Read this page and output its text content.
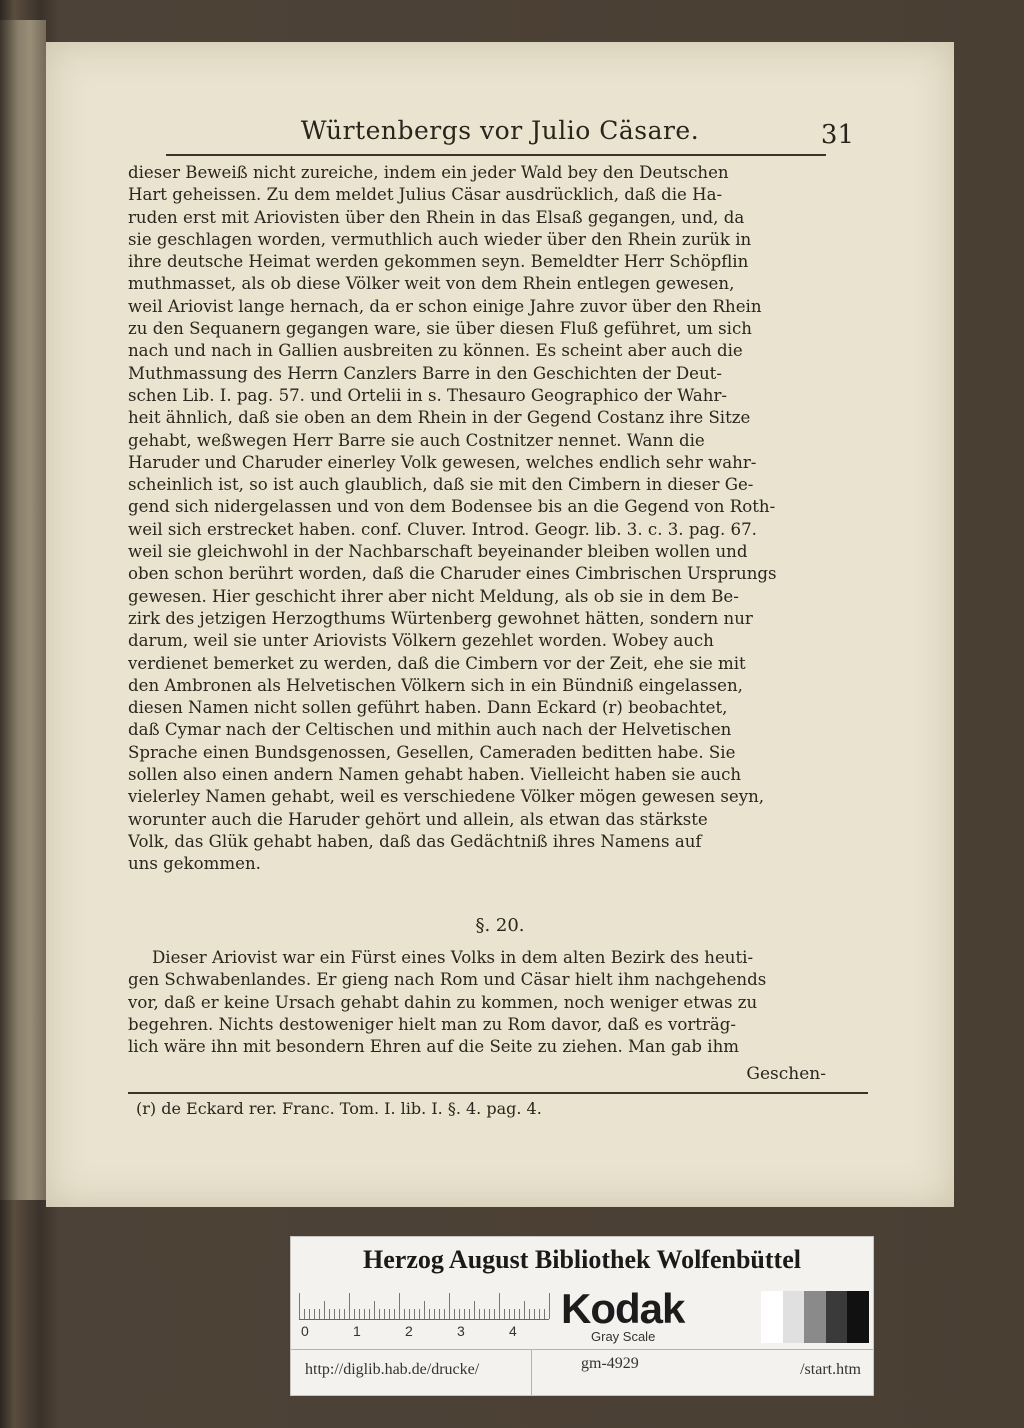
Würtenbergs vor Julio Cäsare.	31
dieser Beweiß nicht zureiche, indem ein jeder Wald bey den Deutschen
Hart geheissen. Zu dem meldet Julius Cäsar ausdrücklich, daß die Ha-
ruden erst mit Ariovisten über den Rhein in das Elsaß gegangen, und, da
sie geschlagen worden, vermuthlich auch wieder über den Rhein zurük in
ihre deutsche Heimat werden gekommen seyn. Bemeldter Herr Schöpflin
muthmasset, als ob diese Völker weit von dem Rhein entlegen gewesen,
weil Ariovist lange hernach, da er schon einige Jahre zuvor über den Rhein
zu den Sequanern gegangen ware, sie über diesen Fluß geführet, um sich
nach und nach in Gallien ausbreiten zu können. Es scheint aber auch die
Muthmassung des Herrn Canzlers Barre in den Geschichten der Deut-
schen Lib. I. pag. 57. und Ortelii in s. Thesauro Geographico der Wahr-
heit ähnlich, daß sie oben an dem Rhein in der Gegend Costanz ihre Sitze
gehabt, weßwegen Herr Barre sie auch Costnitzer nennet. Wann die
Haruder und Charuder einerley Volk gewesen, welches endlich sehr wahr-
scheinlich ist, so ist auch glaublich, daß sie mit den Cimbern in dieser Ge-
gend sich nidergelassen und von dem Bodensee bis an die Gegend von Roth-
weil sich erstrecket haben. conf. Cluver. Introd. Geogr. lib. 3. c. 3. pag. 67.
weil sie gleichwohl in der Nachbarschaft beyeinander bleiben wollen und
oben schon berührt worden, daß die Charuder eines Cimbrischen Ursprungs
gewesen. Hier geschicht ihrer aber nicht Meldung, als ob sie in dem Be-
zirk des jetzigen Herzogthums Würtenberg gewohnet hätten, sondern nur
darum, weil sie unter Ariovists Völkern gezehlet worden. Wobey auch
verdienet bemerket zu werden, daß die Cimbern vor der Zeit, ehe sie mit
den Ambronen als Helvetischen Völkern sich in ein Bündniß eingelassen,
diesen Namen nicht sollen geführt haben. Dann Eckard (r) beobachtet,
daß Cymar nach der Celtischen und mithin auch nach der Helvetischen
Sprache einen Bundsgenossen, Gesellen, Cameraden beditten habe. Sie
sollen also einen andern Namen gehabt haben. Vielleicht haben sie auch
vielerley Namen gehabt, weil es verschiedene Völker mögen gewesen seyn,
worunter auch die Haruder gehört und allein, als etwan das stärkste
Volk, das Glük gehabt haben, daß das Gedächtniß ihres Namens auf
uns gekommen.
§. 20.
Dieser Ariovist war ein Fürst eines Volks in dem alten Bezirk des heuti-
gen Schwabenlandes. Er gieng nach Rom und Cäsar hielt ihm nachgehends
vor, daß er keine Ursach gehabt dahin zu kommen, noch weniger etwas zu
begehren. Nichts destoweniger hielt man zu Rom davor, daß es vorträg-
lich wäre ihn mit besondern Ehren auf die Seite zu ziehen. Man gab ihm
Geschen-
(r) de Eckard rer. Franc. Tom. I. lib. I. §. 4. pag. 4.
Herzog August Bibliothek Wolfenbüttel
0	1	2	3	4 Kodak
Gray Scale
http://diglib.hab.de/drucke/	gm-4929	/start.htm
